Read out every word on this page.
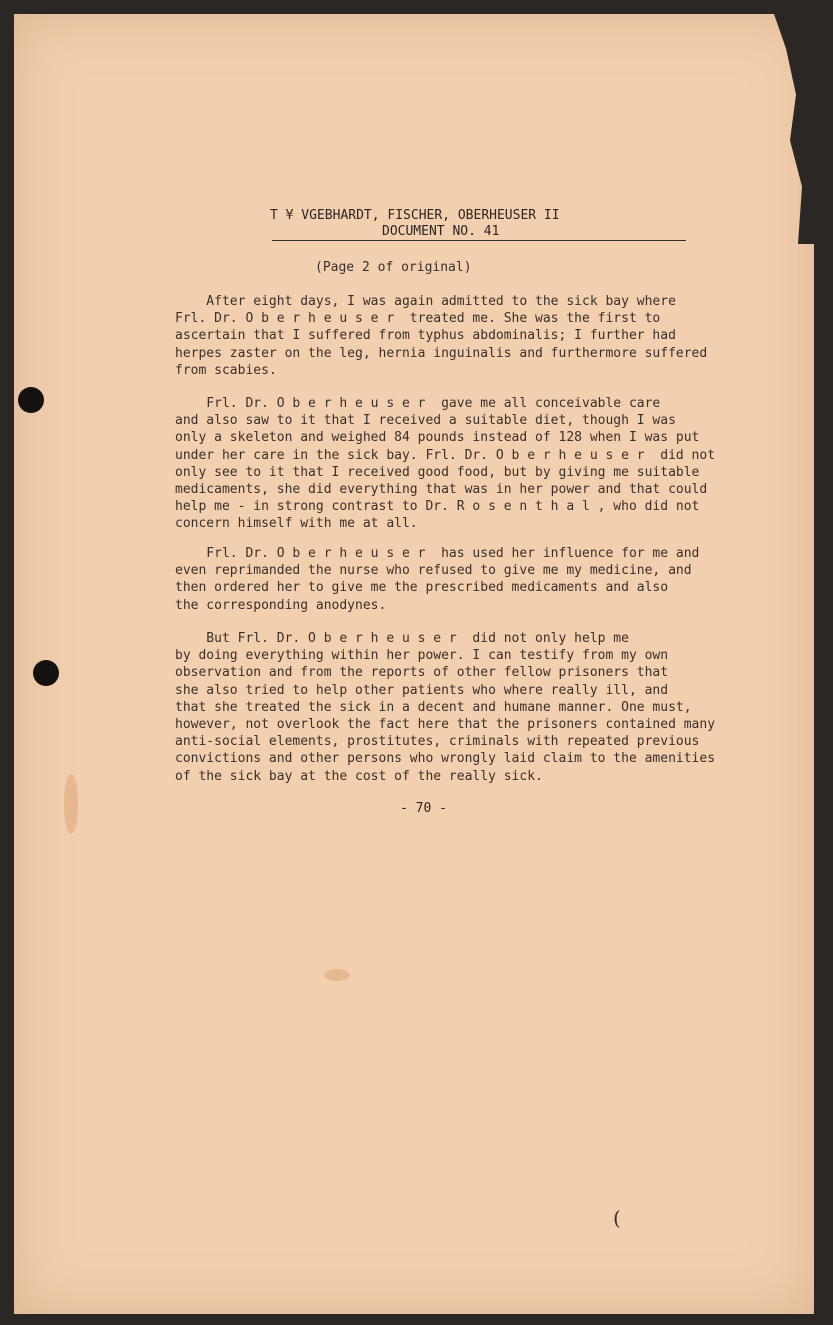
T ¥ VGEBHARDT, FISCHER, OBERHEUSER II
DOCUMENT NO. 41
(Page 2 of original)
After eight days, I was again admitted to the sick bay where
Frl. Dr. O b e r h e u s e r  treated me. She was the first to
ascertain that I suffered from typhus abdominalis; I further had
herpes zaster on the leg, hernia inguinalis and furthermore suffered
from scabies.
Frl. Dr. O b e r h e u s e r  gave me all conceivable care
and also saw to it that I received a suitable diet, though I was
only a skeleton and weighed 84 pounds instead of 128 when I was put
under her care in the sick bay. Frl. Dr. O b e r h e u s e r  did not
only see to it that I received good food, but by giving me suitable
medicaments, she did everything that was in her power and that could
help me - in strong contrast to Dr. R o s e n t h a l , who did not
concern himself with me at all.
Frl. Dr. O b e r h e u s e r  has used her influence for me and
even reprimanded the nurse who refused to give me my medicine, and
then ordered her to give me the prescribed medicaments and also
the corresponding anodynes.
But Frl. Dr. O b e r h e u s e r  did not only help me
by doing everything within her power. I can testify from my own
observation and from the reports of other fellow prisoners that
she also tried to help other patients who where really ill, and
that she treated the sick in a decent and humane manner. One must,
however, not overlook the fact here that the prisoners contained many
anti-social elements, prostitutes, criminals with repeated previous
convictions and other persons who wrongly laid claim to the amenities
of the sick bay at the cost of the really sick.
- 70 -
(
